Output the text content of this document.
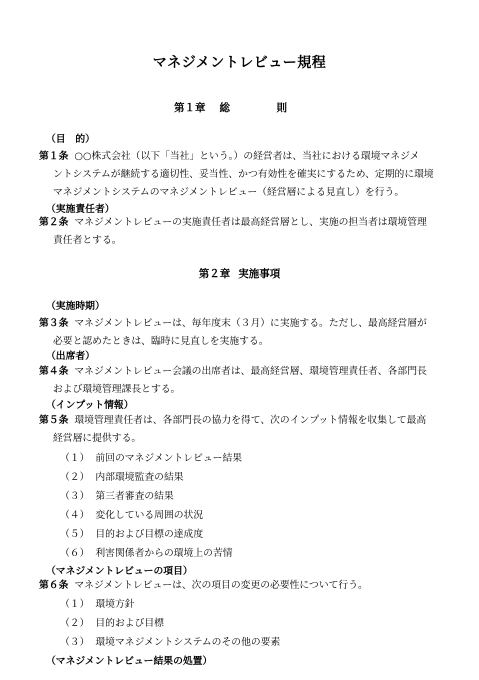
マネジメントレビュー規程
第１章 総　則
（目　的）
第１条 ○○株式会社（以下「当社」という。）の経営者は、当社における環境マネジメ
ントシステムが継続する適切性、妥当性、かつ有効性を確実にするため、定期的に環境
マネジメントシステムのマネジメントレビュー（経営層による見直し）を行う。
（実施責任者）
第２条 マネジメントレビューの実施責任者は最高経営層とし、実施の担当者は環境管理
責任者とする。
第２章 実施事項
（実施時期）
第３条 マネジメントレビューは、毎年度末（３月）に実施する。ただし、最高経営層が
必要と認めたときは、臨時に見直しを実施する。
（出席者）
第４条 マネジメントレビュー会議の出席者は、最高経営層、環境管理責任者、各部門長
および環境管理課長とする。
（インプット情報）
第５条 環境管理責任者は、各部門長の協力を得て、次のインプット情報を収集して最高
経営層に提供する。
（１） 前回のマネジメントレビュー結果
（２） 内部環境監査の結果
（３） 第三者審査の結果
（４） 変化している周囲の状況
（５） 目的および目標の達成度
（６） 利害関係者からの環境上の苦情
（マネジメントレビューの項目）
第６条 マネジメントレビューは、次の項目の変更の必要性について行う。
（１） 環境方針
（２） 目的および目標
（３） 環境マネジメントシステムのその他の要素
（マネジメントレビュー結果の処置）
